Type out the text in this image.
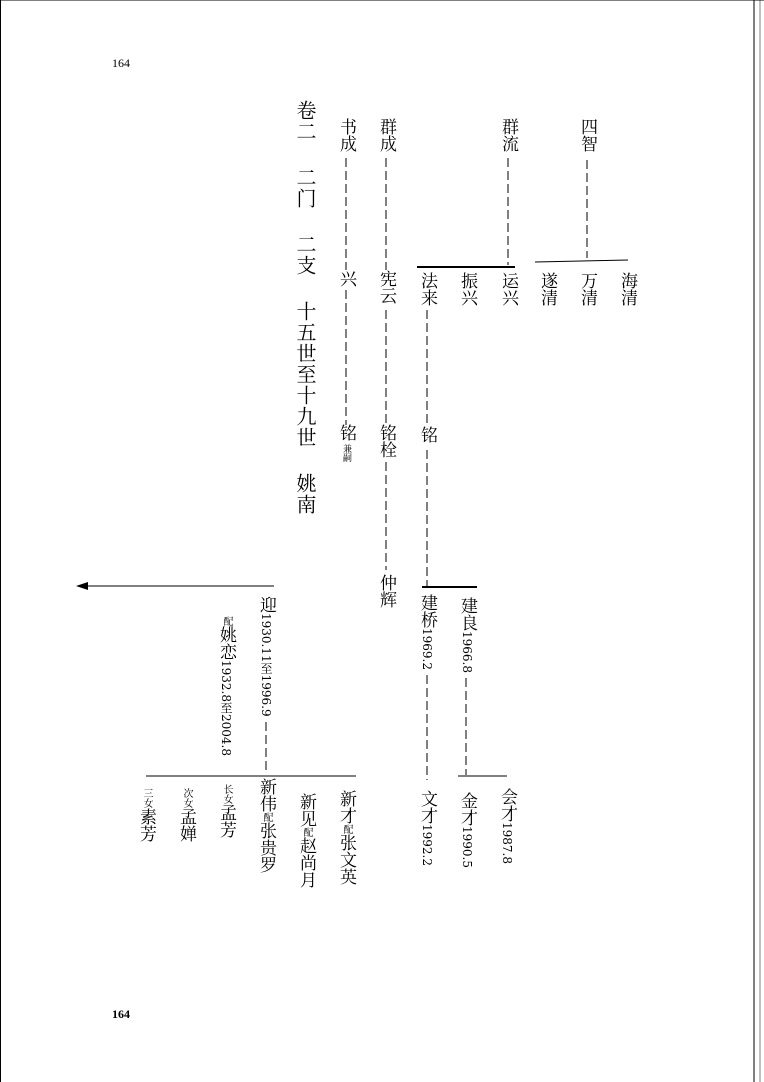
164
164
卷二 二门 二支 十五世至十九世 姚南 书成
兴
铭
兼嗣
群成
宪云
铭栓
仲辉
群流
法来 振兴 运兴
铭
四智
遂清 万清 海清
建桥1969.2
建良1966.8
文才1992.2
金才1990.5
会才1987.8
迎1930.11至1996.9
配姚恋1932.8至2004.8
新才配张文英
新见配赵尚月
新伟配张贵罗
长女孟芳
次女孟婵
三女素芳
